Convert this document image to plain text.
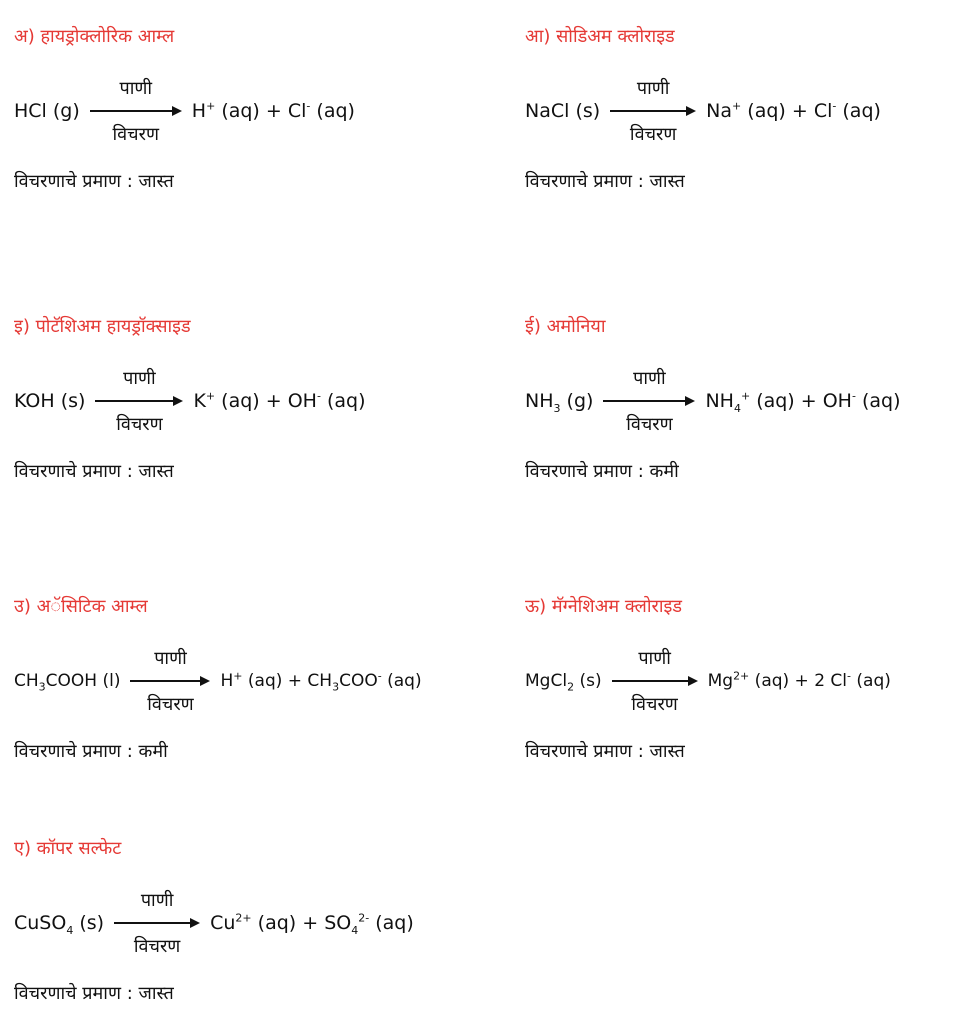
अ) हायड्रोक्लोरिक आम्ल
HCl (g)
पाणी
विचरण
H+ (aq) + Cl- (aq)
विचरणाचे प्रमाण : जास्त
आ) सोडिअम क्लोराइड
NaCl (s)
पाणी
विचरण
Na+ (aq) + Cl- (aq)
विचरणाचे प्रमाण : जास्त
इ) पोटॅशिअम हायड्रॉक्साइड
KOH (s)
पाणी
विचरण
K+ (aq) + OH- (aq)
विचरणाचे प्रमाण : जास्त
ई) अमोनिया
$NH_3$ (g)
पाणी
विचरण
$NH_4^+$ (aq) + OH- (aq)
विचरणाचे प्रमाण : कमी
उ) अॅसिटिक आम्ल
$CH_3COOH$ (l)
पाणी
विचरण
H+ $(aq) + CH_3COO^-$ (aq)
विचरणाचे प्रमाण : कमी
ऊ) मॅग्नेशिअम क्लोराइड
MgCl$_2$ (s)
पाणी
विचरण
$Mg^{2+}$ (aq) + 2 Cl- (aq)
विचरणाचे प्रमाण : जास्त
ए) कॉपर सल्फेट
CuSO$_4$ (s)
पाणी
विचरण
$Cu^{2+}$ $(aq) + SO_4^{2-}$ (aq)
विचरणाचे प्रमाण : जास्त
